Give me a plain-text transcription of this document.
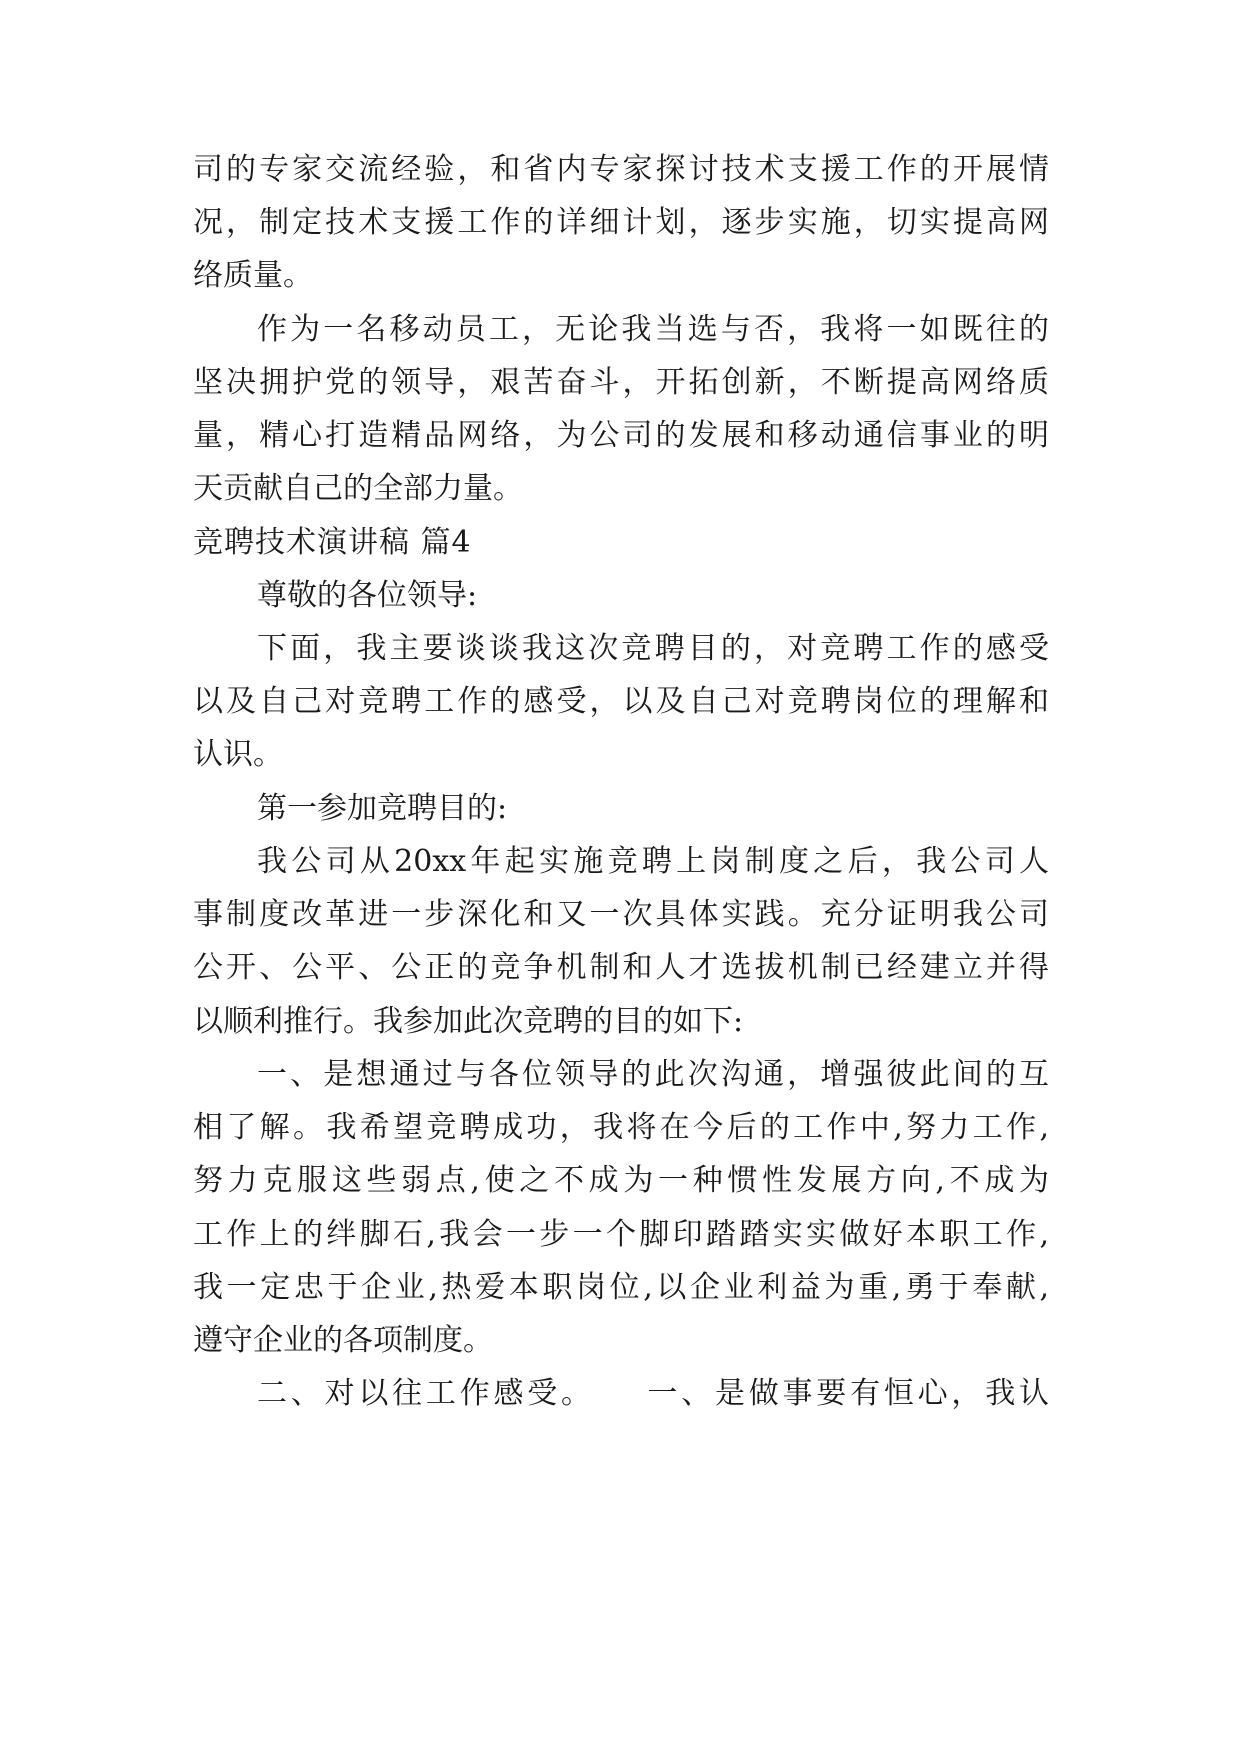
司的专家交流经验，和省内专家探讨技术支援工作的开展情
况，制定技术支援工作的详细计划，逐步实施，切实提高网
络质量。
作为一名移动员工，无论我当选与否，我将一如既往的
坚决拥护党的领导，艰苦奋斗，开拓创新，不断提高网络质
量，精心打造精品网络，为公司的发展和移动通信事业的明
天贡献自己的全部力量。
竞聘技术演讲稿 篇4
尊敬的各位领导:
下面，我主要谈谈我这次竞聘目的，对竞聘工作的感受
以及自己对竞聘工作的感受，以及自己对竞聘岗位的理解和
认识。
第一参加竞聘目的:
我公司从20xx年起实施竞聘上岗制度之后，我公司人
事制度改革进一步深化和又一次具体实践。充分证明我公司
公开、公平、公正的竞争机制和人才选拔机制已经建立并得
以顺利推行。我参加此次竞聘的目的如下:
一、是想通过与各位领导的此次沟通，增强彼此间的互
相了解。我希望竞聘成功，我将在今后的工作中,努力工作,
努力克服这些弱点,使之不成为一种惯性发展方向,不成为
工作上的绊脚石,我会一步一个脚印踏踏实实做好本职工作,
我一定忠于企业,热爱本职岗位,以企业利益为重,勇于奉献,
遵守企业的各项制度。
二、对以往工作感受。　　一、是做事要有恒心，我认
